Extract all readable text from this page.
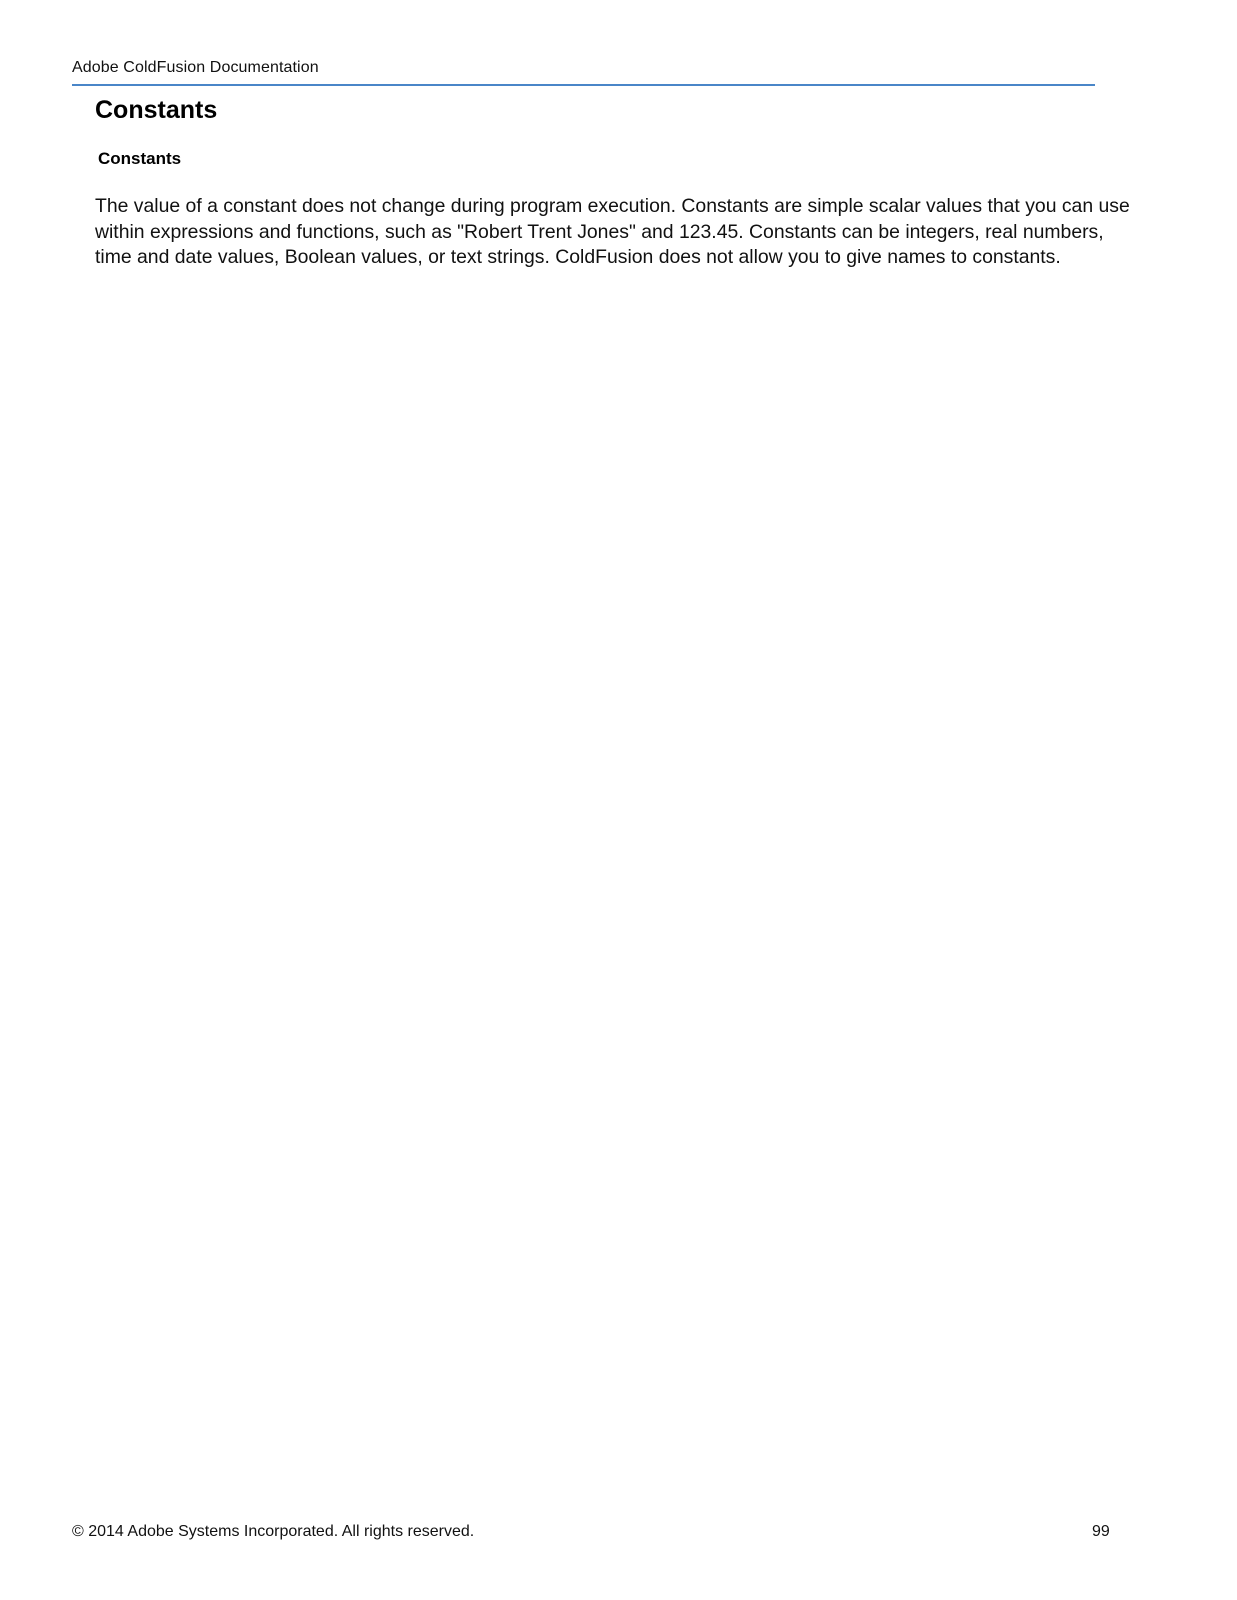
Adobe ColdFusion Documentation
Constants
Constants

The value of a constant does not change during program execution. Constants are simple scalar values that you can use within expressions and functions, such as "Robert Trent Jones" and 123.45. Constants can be integers, real numbers, time and date values, Boolean values, or text strings. ColdFusion does not allow you to give names to constants.

© 2014 Adobe Systems Incorporated. All rights reserved.	99
